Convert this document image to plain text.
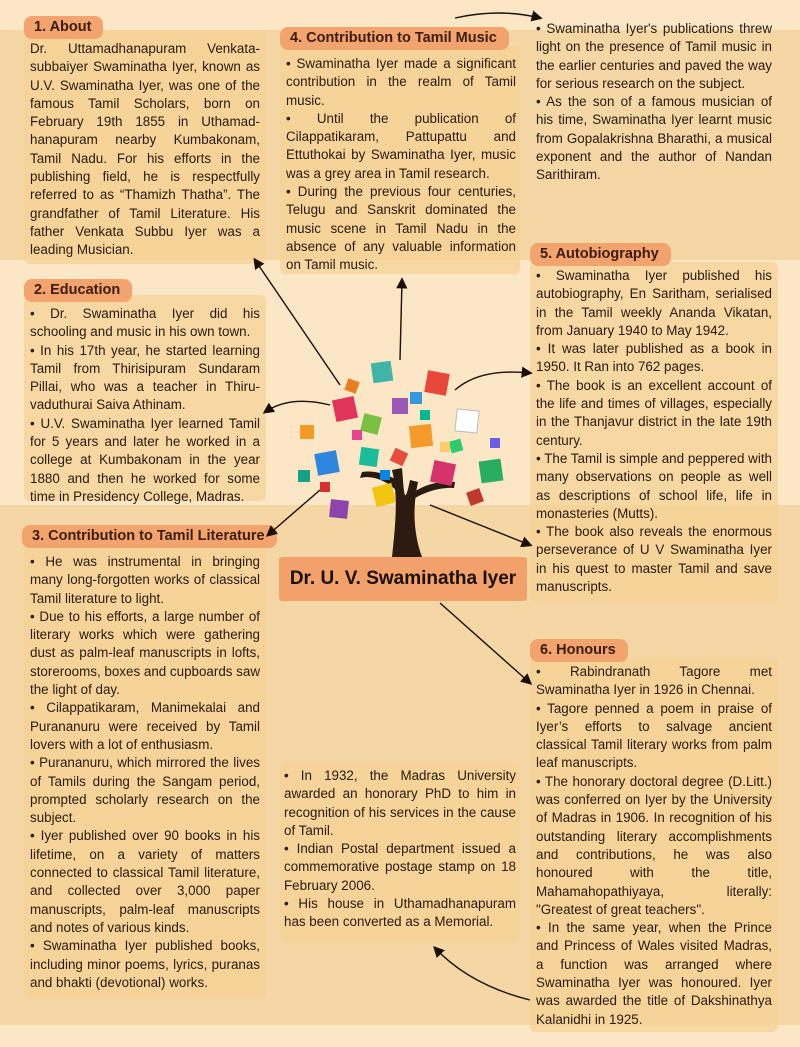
1. About
2. Education
3. Contribution to Tamil Literature
4. Contribution to Tamil Music
5. Autobiography
6. Honours

Dr. Uttamadhanapuram Venkata-subbaiyer Swaminatha Iyer, known as U.V. Swaminatha Iyer, was one of the famous Tamil Scholars, born on February 19th 1855 in Uthamad-hanapuram nearby Kumbakonam, Tamil Nadu. For his efforts in the publishing field, he is respectfully referred to as “Thamizh Thatha”. The grandfather of Tamil Literature. His father Venkata Subbu Iyer was a leading Musician.

• Dr. Swaminatha Iyer did his schooling and music in his own town.

• In his 17th year, he started learning Tamil from Thirisipuram Sundaram Pillai, who was a teacher in Thiru-vaduthurai Saiva Athinam.

• U.V. Swaminatha Iyer learned Tamil for 5 years and later he worked in a college at Kumbakonam in the year 1880 and then he worked for some time in Presidency College, Madras.

• He was instrumental in bringing many long-forgotten works of classical Tamil literature to light.

• Due to his efforts, a large number of literary works which were gathering dust as palm-leaf manuscripts in lofts, storerooms, boxes and cupboards saw the light of day.

• Cilappatikaram, Manimekalai and Purananuru were received by Tamil lovers with a lot of enthusiasm.

• Purananuru, which mirrored the lives of Tamils during the Sangam period, prompted scholarly research on the subject.

• Iyer published over 90 books in his lifetime, on a variety of matters connected to classical Tamil literature, and collected over 3,000 paper manuscripts, palm-leaf manuscripts and notes of various kinds.

• Swaminatha Iyer published books, including minor poems, lyrics, puranas and bhakti (devotional) works.

• Swaminatha Iyer made a significant contribution in the realm of Tamil music.

• Until the publication of Cilappatikaram, Pattupattu and Ettuthokai by Swaminatha Iyer, music was a grey area in Tamil research.

• During the previous four centuries, Telugu and Sanskrit dominated the music scene in Tamil Nadu in the absence of any valuable information on Tamil music.

• Swaminatha Iyer's publications threw light on the presence of Tamil music in the earlier centuries and paved the way for serious research on the subject.

• As the son of a famous musician of his time, Swaminatha Iyer learnt music from Gopalakrishna Bharathi, a musical exponent and the author of Nandan Sarithiram.

• Swaminatha Iyer published his autobiography, En Saritham, serialised in the Tamil weekly Ananda Vikatan, from January 1940 to May 1942.

• It was later published as a book in 1950. It Ran into 762 pages.

• The book is an excellent account of the life and times of villages, especially in the Thanjavur district in the late 19th century.

• The Tamil is simple and peppered with many observations on people as well as descriptions of school life, life in monasteries (Mutts).

• The book also reveals the enormous perseverance of U V Swaminatha Iyer in his quest to master Tamil and save manuscripts.

• Rabindranath Tagore met Swaminatha Iyer in 1926 in Chennai.

• Tagore penned a poem in praise of Iyer’s efforts to salvage ancient classical Tamil literary works from palm leaf manuscripts.

• The honorary doctoral degree (D.Litt.) was conferred on Iyer by the University of Madras in 1906. In recognition of his outstanding literary accomplishments and contributions, he was also honoured with the title, Mahamahopathiyaya, literally: "Greatest of great teachers".

• In the same year, when the Prince and Princess of Wales visited Madras, a function was arranged where Swaminatha Iyer was honoured. Iyer was awarded the title of Dakshinathya Kalanidhi in 1925.

• In 1932, the Madras University awarded an honorary PhD to him in recognition of his services in the cause of Tamil.

• Indian Postal department issued a commemorative postage stamp on 18 February 2006.

• His house in Uthamadhanapuram has been converted as a Memorial.

Dr. U. V. Swaminatha Iyer
